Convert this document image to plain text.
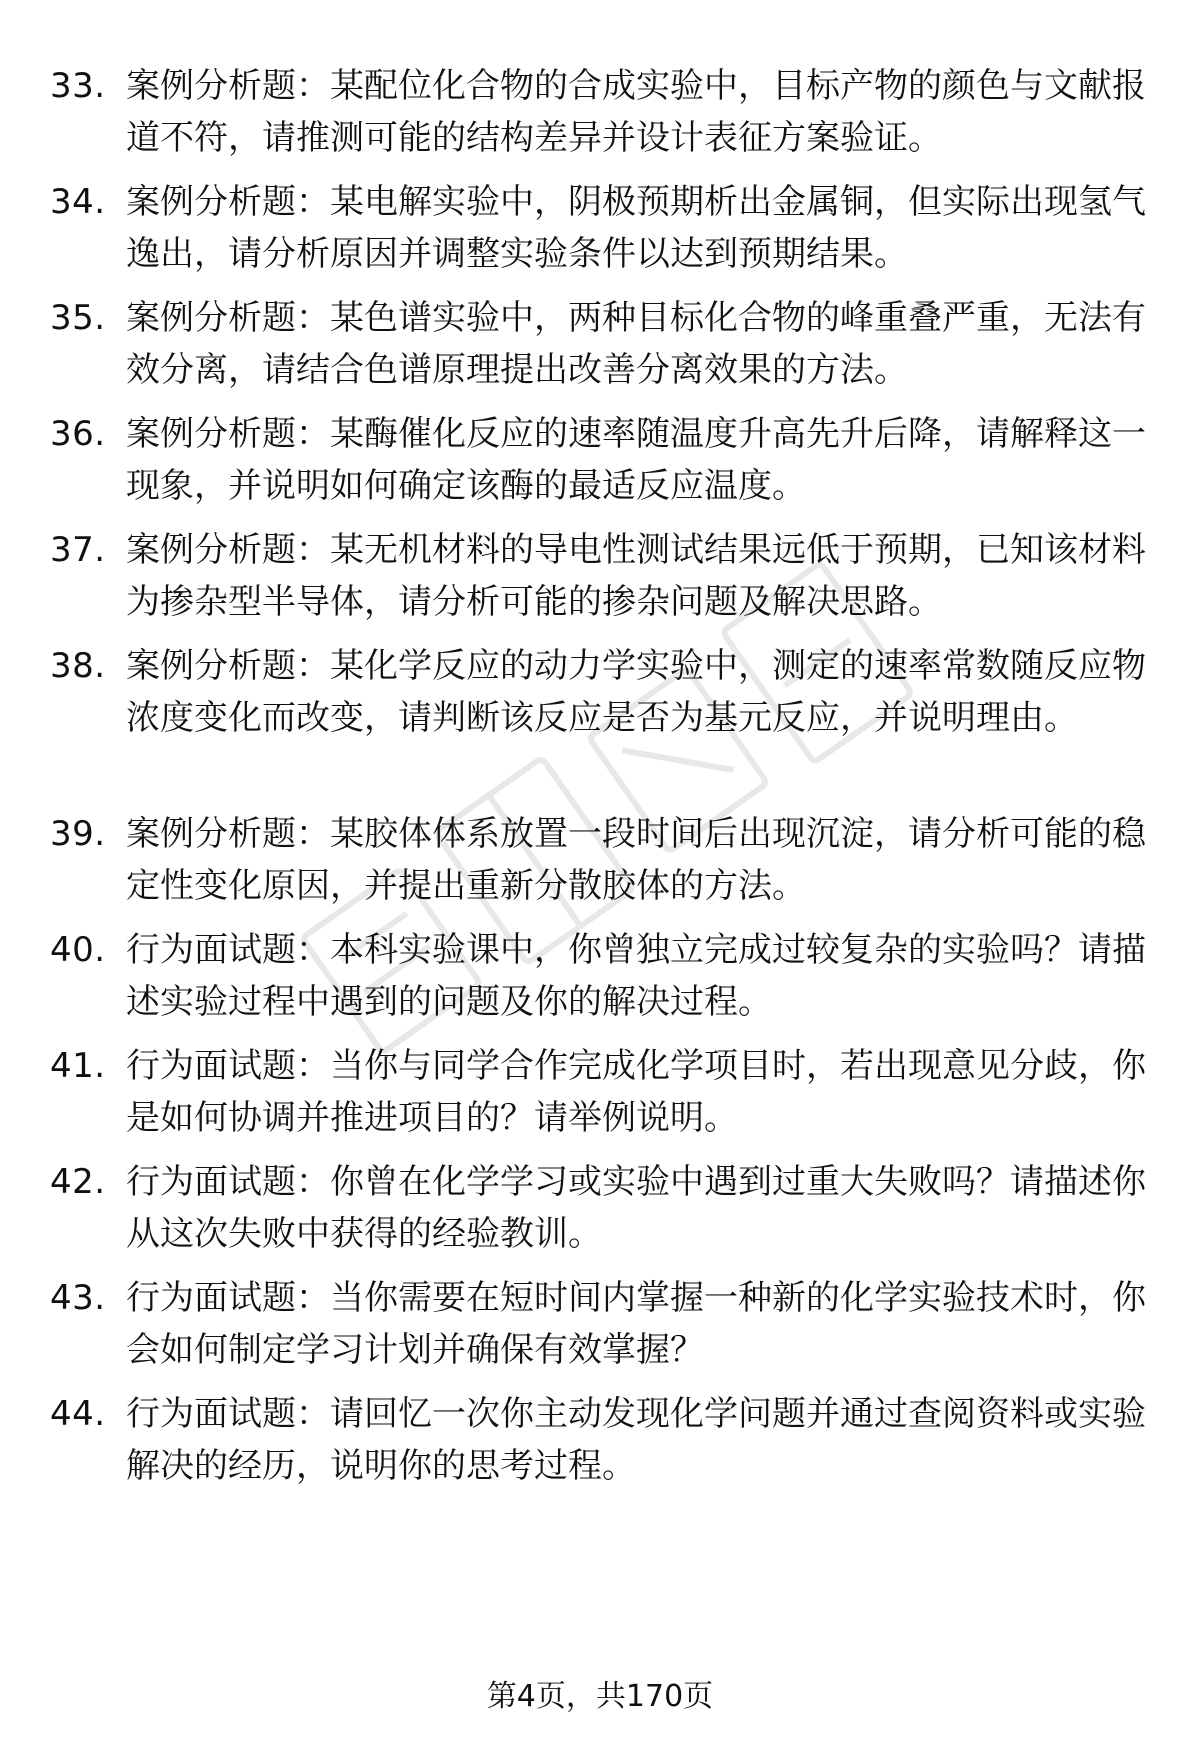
33. 案例分析题：某配位化合物的合成实验中，目标产物的颜色与文献报道不符，请推测可能的结构差异并设计表征方案验证。
34. 案例分析题：某电解实验中，阴极预期析出金属铜，但实际出现氢气逸出，请分析原因并调整实验条件以达到预期结果。
35. 案例分析题：某色谱实验中，两种目标化合物的峰重叠严重，无法有效分离，请结合色谱原理提出改善分离效果的方法。
36. 案例分析题：某酶催化反应的速率随温度升高先升后降，请解释这一现象，并说明如何确定该酶的最适反应温度。
37. 案例分析题：某无机材料的导电性测试结果远低于预期，已知该材料为掺杂型半导体，请分析可能的掺杂问题及解决思路。
38. 案例分析题：某化学反应的动力学实验中，测定的速率常数随反应物浓度变化而改变，请判断该反应是否为基元反应，并说明理由。
39. 案例分析题：某胶体体系放置一段时间后出现沉淀，请分析可能的稳定性变化原因，并提出重新分散胶体的方法。
40. 行为面试题：本科实验课中，你曾独立完成过较复杂的实验吗？请描述实验过程中遇到的问题及你的解决过程。
41. 行为面试题：当你与同学合作完成化学项目时，若出现意见分歧，你是如何协调并推进项目的？请举例说明。
42. 行为面试题：你曾在化学学习或实验中遇到过重大失败吗？请描述你从这次失败中获得的经验教训。
43. 行为面试题：当你需要在短时间内掌握一种新的化学实验技术时，你会如何制定学习计划并确保有效掌握？
44. 行为面试题：请回忆一次你主动发现化学问题并通过查阅资料或实验解决的经历，说明你的思考过程。
第4页，共170页
